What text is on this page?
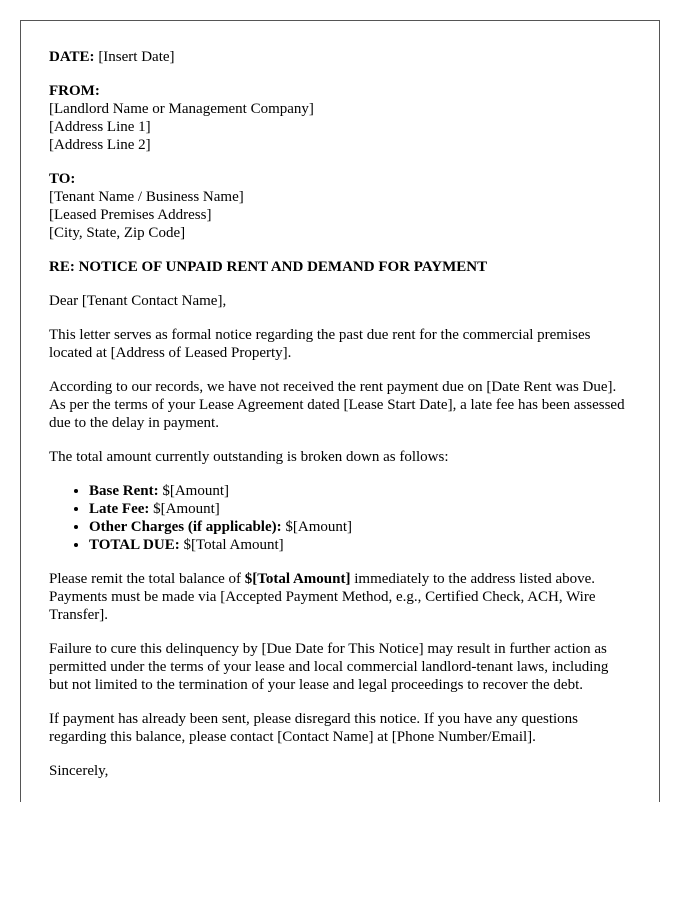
DATE: [Insert Date]
FROM:
[Landlord Name or Management Company]
[Address Line 1]
[Address Line 2]
TO:
[Tenant Name / Business Name]
[Leased Premises Address]
[City, State, Zip Code]

RE: NOTICE OF UNPAID RENT AND DEMAND FOR PAYMENT

Dear [Tenant Contact Name],

This letter serves as formal notice regarding the past due rent for the commercial premises located at [Address of Leased Property].

According to our records, we have not received the rent payment due on [Date Rent was Due]. As per the terms of your Lease Agreement dated [Lease Start Date], a late fee has been assessed due to the delay in payment.

The total amount currently outstanding is broken down as follows:

• Base Rent: $[Amount]
• Late Fee: $[Amount]
• Other Charges (if applicable): $[Amount]
• TOTAL DUE: $[Total Amount]

Please remit the total balance of $[Total Amount] immediately to the address listed above. Payments must be made via [Accepted Payment Method, e.g., Certified Check, ACH, Wire Transfer].

Failure to cure this delinquency by [Due Date for This Notice] may result in further action as permitted under the terms of your lease and local commercial landlord-tenant laws, including but not limited to the termination of your lease and legal proceedings to recover the debt.

If payment has already been sent, please disregard this notice. If you have any questions regarding this balance, please contact [Contact Name] at [Phone Number/Email].

Sincerely,
